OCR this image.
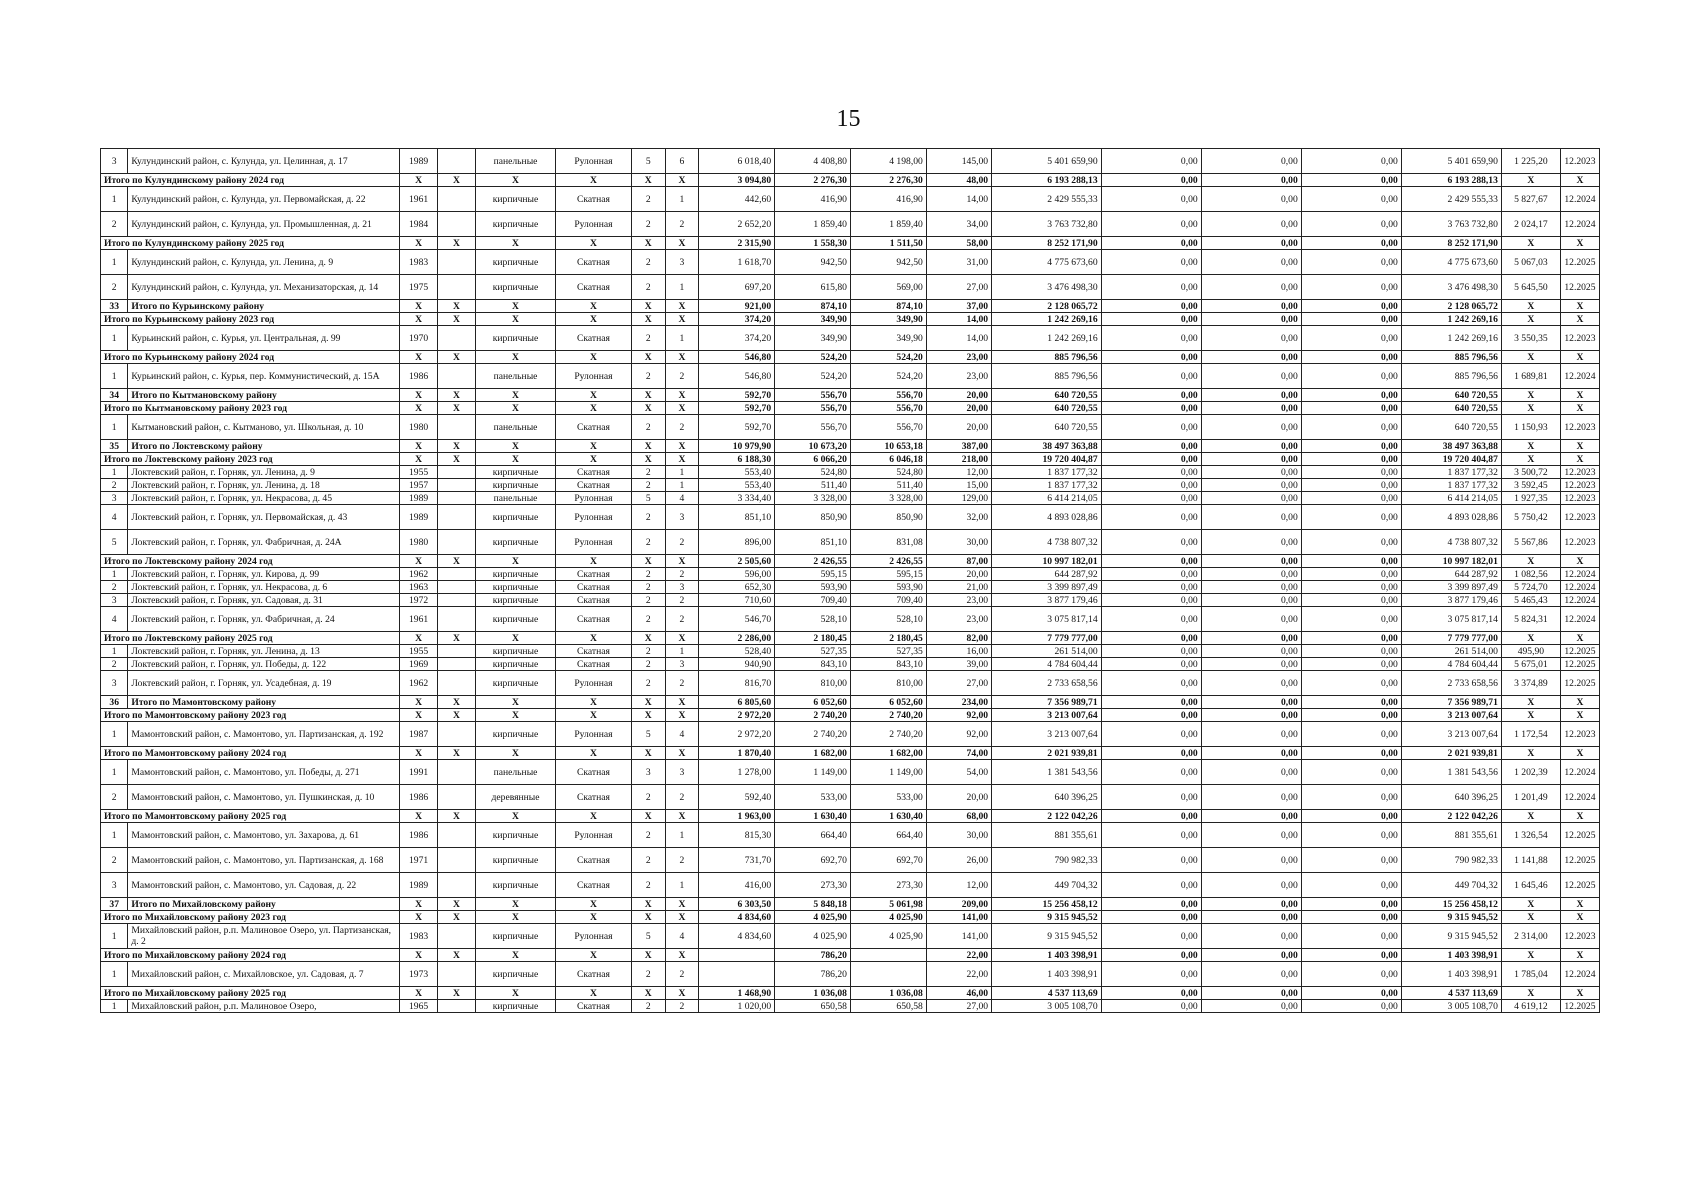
15
3	Кулундинский район, с. Кулунда, ул. Целинная, д. 17	1989		панельные	Рулонная	5	6	6 018,40	4 408,80	4 198,00	145,00	5 401 659,90	0,00	0,00	0,00	5 401 659,90	1 225,20	12.2023
Итого по Кулундинскому району 2024 год		X	X	X	X	X	X	3 094,80	2 276,30	2 276,30	48,00	6 193 288,13	0,00	0,00	0,00	6 193 288,13	X	X
1	Кулундинский район, с. Кулунда, ул. Первомайская, д. 22	1961		кирпичные	Скатная	2	1	442,60	416,90	416,90	14,00	2 429 555,33	0,00	0,00	0,00	2 429 555,33	5 827,67	12.2024
2	Кулундинский район, с. Кулунда, ул. Промышленная, д. 21	1984		кирпичные	Рулонная	2	2	2 652,20	1 859,40	1 859,40	34,00	3 763 732,80	0,00	0,00	0,00	3 763 732,80	2 024,17	12.2024
Итого по Кулундинскому району 2025 год		X	X	X	X	X	X	2 315,90	1 558,30	1 511,50	58,00	8 252 171,90	0,00	0,00	0,00	8 252 171,90	X	X
1	Кулундинский район, с. Кулунда, ул. Ленина, д. 9	1983		кирпичные	Скатная	2	3	1 618,70	942,50	942,50	31,00	4 775 673,60	0,00	0,00	0,00	4 775 673,60	5 067,03	12.2025
2	Кулундинский район, с. Кулунда, ул. Механизаторская, д. 14	1975		кирпичные	Скатная	2	1	697,20	615,80	569,00	27,00	3 476 498,30	0,00	0,00	0,00	3 476 498,30	5 645,50	12.2025
33	Итого по Курьинскому району	X	X	X	X	X	X	921,00	874,10	874,10	37,00	2 128 065,72	0,00	0,00	0,00	2 128 065,72	X	X
Итого по Курьинскому району 2023 год		X	X	X	X	X	X	374,20	349,90	349,90	14,00	1 242 269,16	0,00	0,00	0,00	1 242 269,16	X	X
1	Курьинский район, с. Курья, ул. Центральная, д. 99	1970		кирпичные	Скатная	2	1	374,20	349,90	349,90	14,00	1 242 269,16	0,00	0,00	0,00	1 242 269,16	3 550,35	12.2023
Итого по Курьинскому району 2024 год		X	X	X	X	X	X	546,80	524,20	524,20	23,00	885 796,56	0,00	0,00	0,00	885 796,56	X	X
1	Курьинский район, с. Курья, пер. Коммунистический, д. 15А	1986		панельные	Рулонная	2	2	546,80	524,20	524,20	23,00	885 796,56	0,00	0,00	0,00	885 796,56	1 689,81	12.2024
34	Итого по Кытмановскому району	X	X	X	X	X	X	592,70	556,70	556,70	20,00	640 720,55	0,00	0,00	0,00	640 720,55	X	X
Итого по Кытмановскому району 2023 год		X	X	X	X	X	X	592,70	556,70	556,70	20,00	640 720,55	0,00	0,00	0,00	640 720,55	X	X
1	Кытмановский район, с. Кытманово, ул. Школьная, д. 10	1980		панельные	Скатная	2	2	592,70	556,70	556,70	20,00	640 720,55	0,00	0,00	0,00	640 720,55	1 150,93	12.2023
35	Итого по Локтевскому району	X	X	X	X	X	X	10 979,90	10 673,20	10 653,18	387,00	38 497 363,88	0,00	0,00	0,00	38 497 363,88	X	X
Итого по Локтевскому району 2023 год		X	X	X	X	X	X	6 188,30	6 066,20	6 046,18	218,00	19 720 404,87	0,00	0,00	0,00	19 720 404,87	X	X
1	Локтевский район, г. Горняк, ул. Ленина, д. 9	1955		кирпичные	Скатная	2	1	553,40	524,80	524,80	12,00	1 837 177,32	0,00	0,00	0,00	1 837 177,32	3 500,72	12.2023
2	Локтевский район, г. Горняк, ул. Ленина, д. 18	1957		кирпичные	Скатная	2	1	553,40	511,40	511,40	15,00	1 837 177,32	0,00	0,00	0,00	1 837 177,32	3 592,45	12.2023
3	Локтевский район, г. Горняк, ул. Некрасова, д. 45	1989		панельные	Рулонная	5	4	3 334,40	3 328,00	3 328,00	129,00	6 414 214,05	0,00	0,00	0,00	6 414 214,05	1 927,35	12.2023
4	Локтевский район, г. Горняк, ул. Первомайская, д. 43	1989		кирпичные	Рулонная	2	3	851,10	850,90	850,90	32,00	4 893 028,86	0,00	0,00	0,00	4 893 028,86	5 750,42	12.2023
5	Локтевский район, г. Горняк, ул. Фабричная, д. 24А	1980		кирпичные	Рулонная	2	2	896,00	851,10	831,08	30,00	4 738 807,32	0,00	0,00	0,00	4 738 807,32	5 567,86	12.2023
Итого по Локтевскому району 2024 год		X	X	X	X	X	X	2 505,60	2 426,55	2 426,55	87,00	10 997 182,01	0,00	0,00	0,00	10 997 182,01	X	X
1	Локтевский район, г. Горняк, ул. Кирова, д. 99	1962		кирпичные	Скатная	2	2	596,00	595,15	595,15	20,00	644 287,92	0,00	0,00	0,00	644 287,92	1 082,56	12.2024
2	Локтевский район, г. Горняк, ул. Некрасова, д. 6	1963		кирпичные	Скатная	2	3	652,30	593,90	593,90	21,00	3 399 897,49	0,00	0,00	0,00	3 399 897,49	5 724,70	12.2024
3	Локтевский район, г. Горняк, ул. Садовая, д. 31	1972		кирпичные	Скатная	2	2	710,60	709,40	709,40	23,00	3 877 179,46	0,00	0,00	0,00	3 877 179,46	5 465,43	12.2024
4	Локтевский район, г. Горняк, ул. Фабричная, д. 24	1961		кирпичные	Скатная	2	2	546,70	528,10	528,10	23,00	3 075 817,14	0,00	0,00	0,00	3 075 817,14	5 824,31	12.2024
Итого по Локтевскому району 2025 год		X	X	X	X	X	X	2 286,00	2 180,45	2 180,45	82,00	7 779 777,00	0,00	0,00	0,00	7 779 777,00	X	X
1	Локтевский район, г. Горняк, ул. Ленина, д. 13	1955		кирпичные	Скатная	2	1	528,40	527,35	527,35	16,00	261 514,00	0,00	0,00	0,00	261 514,00	495,90	12.2025
2	Локтевский район, г. Горняк, ул. Победы, д. 122	1969		кирпичные	Скатная	2	3	940,90	843,10	843,10	39,00	4 784 604,44	0,00	0,00	0,00	4 784 604,44	5 675,01	12.2025
3	Локтевский район, г. Горняк, ул. Усадебная, д. 19	1962		кирпичные	Рулонная	2	2	816,70	810,00	810,00	27,00	2 733 658,56	0,00	0,00	0,00	2 733 658,56	3 374,89	12.2025
36	Итого по Мамонтовскому району	X	X	X	X	X	X	6 805,60	6 052,60	6 052,60	234,00	7 356 989,71	0,00	0,00	0,00	7 356 989,71	X	X
Итого по Мамонтовскому району 2023 год		X	X	X	X	X	X	2 972,20	2 740,20	2 740,20	92,00	3 213 007,64	0,00	0,00	0,00	3 213 007,64	X	X
1	Мамонтовский район, с. Мамонтово, ул. Партизанская, д. 192	1987		кирпичные	Рулонная	5	4	2 972,20	2 740,20	2 740,20	92,00	3 213 007,64	0,00	0,00	0,00	3 213 007,64	1 172,54	12.2023
Итого по Мамонтовскому району 2024 год		X	X	X	X	X	X	1 870,40	1 682,00	1 682,00	74,00	2 021 939,81	0,00	0,00	0,00	2 021 939,81	X	X
1	Мамонтовский район, с. Мамонтово, ул. Победы, д. 271	1991		панельные	Скатная	3	3	1 278,00	1 149,00	1 149,00	54,00	1 381 543,56	0,00	0,00	0,00	1 381 543,56	1 202,39	12.2024
2	Мамонтовский район, с. Мамонтово, ул. Пушкинская, д. 10	1986		деревянные	Скатная	2	2	592,40	533,00	533,00	20,00	640 396,25	0,00	0,00	0,00	640 396,25	1 201,49	12.2024
Итого по Мамонтовскому району 2025 год		X	X	X	X	X	X	1 963,00	1 630,40	1 630,40	68,00	2 122 042,26	0,00	0,00	0,00	2 122 042,26	X	X
1	Мамонтовский район, с. Мамонтово, ул. Захарова, д. 61	1986		кирпичные	Рулонная	2	1	815,30	664,40	664,40	30,00	881 355,61	0,00	0,00	0,00	881 355,61	1 326,54	12.2025
2	Мамонтовский район, с. Мамонтово, ул. Партизанская, д. 168	1971		кирпичные	Скатная	2	2	731,70	692,70	692,70	26,00	790 982,33	0,00	0,00	0,00	790 982,33	1 141,88	12.2025
3	Мамонтовский район, с. Мамонтово, ул. Садовая, д. 22	1989		кирпичные	Скатная	2	1	416,00	273,30	273,30	12,00	449 704,32	0,00	0,00	0,00	449 704,32	1 645,46	12.2025
37	Итого по Михайловскому району	X	X	X	X	X	X	6 303,50	5 848,18	5 061,98	209,00	15 256 458,12	0,00	0,00	0,00	15 256 458,12	X	X
Итого по Михайловскому району 2023 год		X	X	X	X	X	X	4 834,60	4 025,90	4 025,90	141,00	9 315 945,52	0,00	0,00	0,00	9 315 945,52	X	X
1	Михайловский район, р.п. Малиновое Озеро, ул. Партизанская, д. 2	1983		кирпичные	Рулонная	5	4	4 834,60	4 025,90	4 025,90	141,00	9 315 945,52	0,00	0,00	0,00	9 315 945,52	2 314,00	12.2023
Итого по Михайловскому району 2024 год		X	X	X	X	X	X		786,20		22,00	1 403 398,91	0,00	0,00	0,00	1 403 398,91	X	X
1	Михайловский район, с. Михайловское, ул. Садовая, д. 7	1973		кирпичные	Скатная	2	2		786,20		22,00	1 403 398,91	0,00	0,00	0,00	1 403 398,91	1 785,04	12.2024
Итого по Михайловскому району 2025 год		X	X	X	X	X	X	1 468,90	1 036,08	1 036,08	46,00	4 537 113,69	0,00	0,00	0,00	4 537 113,69	X	X
1	Михайловский район, р.п. Малиновое Озеро,	1965		кирпичные	Скатная	2	2	1 020,00	650,58	650,58	27,00	3 005 108,70	0,00	0,00	0,00	3 005 108,70	4 619,12	12.2025
